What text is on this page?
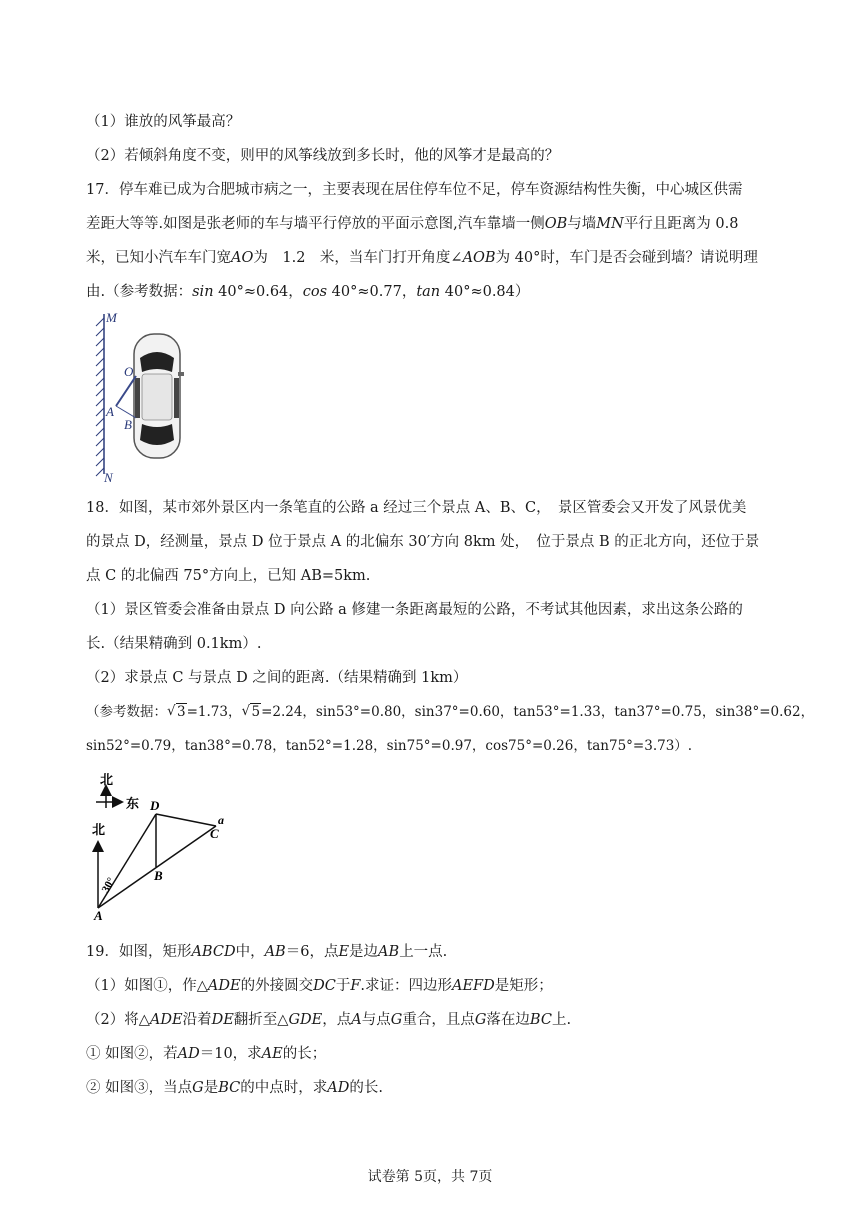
（1）谁放的风筝最高？
（2）若倾斜角度不变，则甲的风筝线放到多长时，他的风筝才是最高的？
17．停车难已成为合肥城市病之一，主要表现在居住停车位不足，停车资源结构性失衡，中心城区供需
差距大等等.如图是张老师的车与墙平行停放的平面示意图,汽车靠墙一侧OB与墙MN平行且距离为 0.8
米，已知小汽车车门宽AO为　1.2　米，当车门打开角度∠AOB为 40°时，车门是否会碰到墙？请说明理
由.（参考数据：sin 40°≈0.64，cos 40°≈0.77，tan 40°≈0.84）
M
N
O
A
B
18．如图，某市郊外景区内一条笔直的公路 a 经过三个景点 A、B、C，　景区管委会又开发了风景优美
的景点 D，经测量，景点 D 位于景点 A 的北偏东 30′方向 8km 处，　位于景点 B 的正北方向，还位于景
点 C 的北偏西 75°方向上，已知 AB=5km.
（1）景区管委会准备由景点 D 向公路 a 修建一条距离最短的公路，不考试其他因素，求出这条公路的
长.（结果精确到 0.1km）.
（2）求景点 C 与景点 D 之间的距离.（结果精确到 1km）
（参考数据： √ 3=1.73， √ 5=2.24，sin53°=0.80，sin37°=0.60，tan53°=1.33，tan37°=0.75，sin38°=0.62，
sin52°=0.79，tan38°=0.78，tan52°=1.28，sin75°=0.97，cos75°=0.26，tan75°=3.73）.
北
东
北
D
a
C
B
A
30°
19．如图，矩形ABCD中，AB＝6，点E是边AB上一点.
（1）如图①，作△ADE的外接圆交DC于F.求证：四边形AEFD是矩形；
（2）将△ADE沿着DE翻折至△GDE，点A与点G重合，且点G落在边BC上.
① 如图②，若AD＝10，求AE的长；
② 如图③，当点G是BC的中点时，求AD的长.
试卷第 5页，共 7页
